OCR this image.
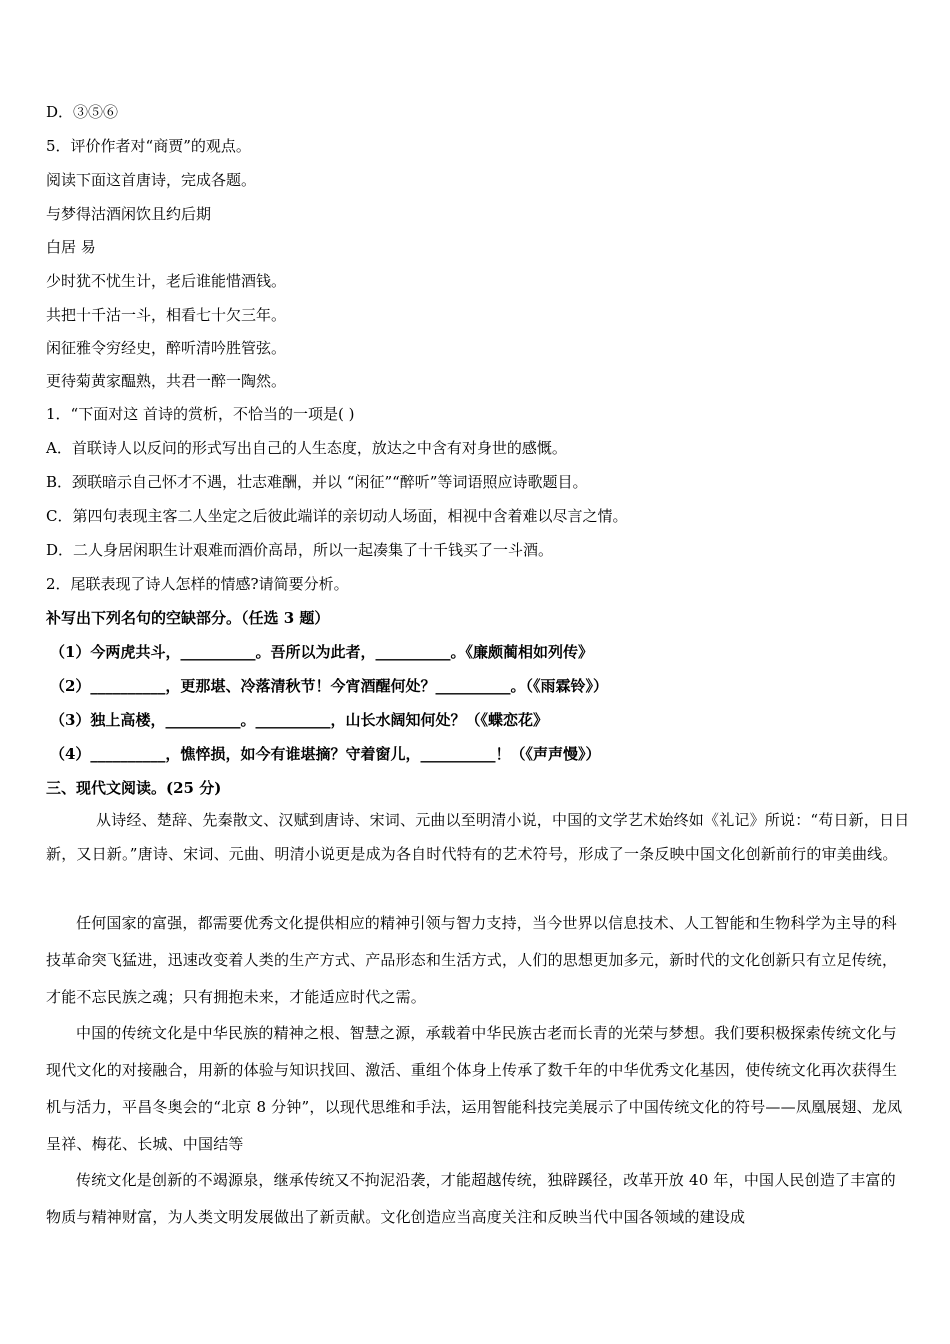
D．③⑤⑥
5．评价作者对“商贾”的观点。
阅读下面这首唐诗，完成各题。
与梦得沽酒闲饮且约后期
白居 易
少时犹不忧生计，老后谁能惜酒钱。
共把十千沽一斗，相看七十欠三年。
闲征雅令穷经史，醉听清吟胜管弦。
更待菊黄家醖熟，共君一醉一陶然。
1．“下面对这 首诗的赏析，不恰当的一项是( )
A．首联诗人以反问的形式写出自己的人生态度，放达之中含有对身世的感慨。
B．颈联暗示自己怀才不遇，壮志难酬，并以 “闲征”“醉听”等词语照应诗歌题目。
C．第四句表现主客二人坐定之后彼此端详的亲切动人场面，相视中含着难以尽言之情。
D．二人身居闲职生计艰难而酒价高昂，所以一起凑集了十千钱买了一斗酒。
2．尾联表现了诗人怎样的情感?请简要分析。
补写出下列名句的空缺部分。（任选 3 题）
（1）今两虎共斗，__________。吾所以为此者，__________。《廉颇蔺相如列传》
（2）__________，更那堪、冷落清秋节！今宵酒醒何处？__________。（《雨霖铃》）
（3）独上高楼，__________。__________，山长水阔知何处？（《蝶恋花》
（4）__________，憔悴损，如今有谁堪摘？守着窗儿，__________！（《声声慢》）
三、现代文阅读。(25 分)
从诗经、楚辞、先秦散文、汉赋到唐诗、宋词、元曲以至明清小说，中国的文学艺术始终如《礼记》所说：“苟日新，日日新，又日新。”唐诗、宋词、元曲、明清小说更是成为各自时代特有的艺术符号，形成了一条反映中国文化创新前行的审美曲线。
任何国家的富强，都需要优秀文化提供相应的精神引领与智力支持，当今世界以信息技术、人工智能和生物科学为主导的科技革命突飞猛进，迅速改变着人类的生产方式、产品形态和生活方式，人们的思想更加多元，新时代的文化创新只有立足传统，才能不忘民族之魂；只有拥抱未来，才能适应时代之需。
中国的传统文化是中华民族的精神之根、智慧之源，承载着中华民族古老而长青的光荣与梦想。我们要积极探索传统文化与现代文化的对接融合，用新的体验与知识找回、激活、重组个体身上传承了数千年的中华优秀文化基因，使传统文化再次获得生机与活力，平昌冬奥会的“北京 8 分钟”，以现代思维和手法，运用智能科技完美展示了中国传统文化的符号——凤凰展翅、龙凤呈祥、梅花、长城、中国结等
传统文化是创新的不竭源泉，继承传统又不拘泥沿袭，才能超越传统，独辟蹊径，改革开放 40 年，中国人民创造了丰富的物质与精神财富，为人类文明发展做出了新贡献。文化创造应当高度关注和反映当代中国各领域的建设成
